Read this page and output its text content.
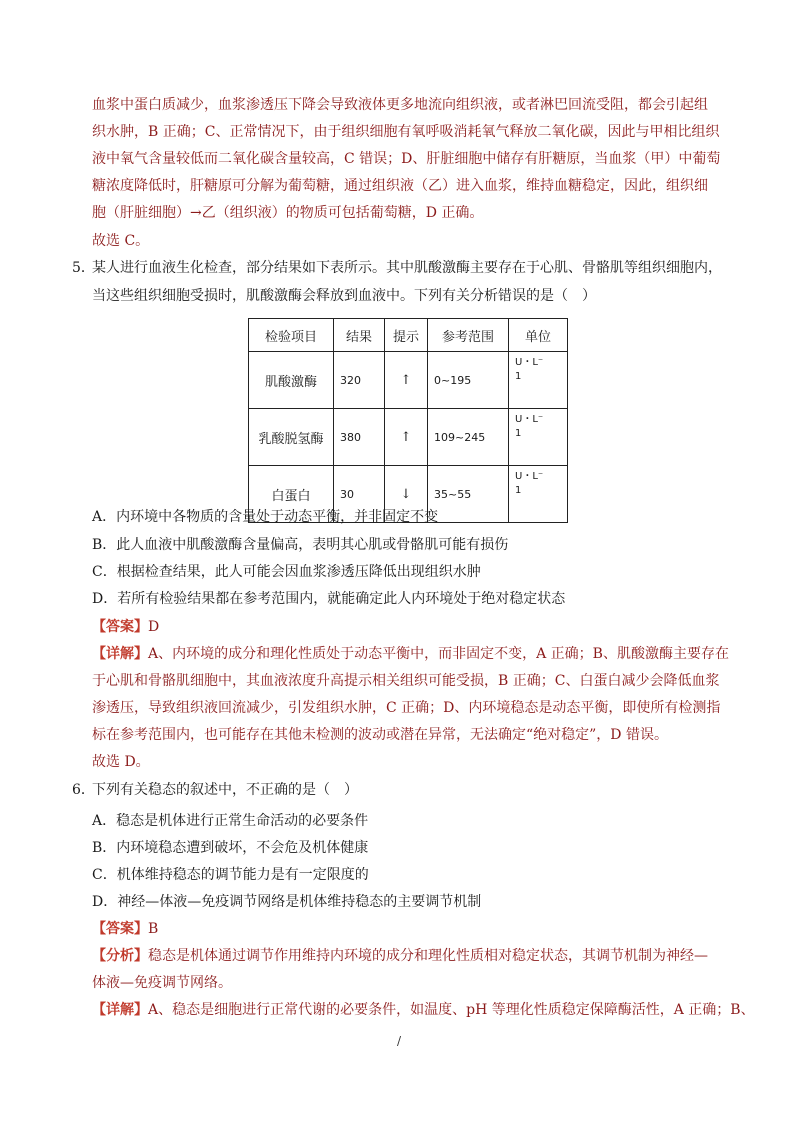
血浆中蛋白质减少，血浆渗透压下降会导致液体更多地流向组织液，或者淋巴回流受阻，都会引起组
织水肿，B 正确；C、正常情况下，由于组织细胞有氧呼吸消耗氧气释放二氧化碳，因此与甲相比组织
液中氧气含量较低而二氧化碳含量较高，C 错误；D、肝脏细胞中储存有肝糖原，当血浆（甲）中葡萄
糖浓度降低时，肝糖原可分解为葡萄糖，通过组织液（乙）进入血浆，维持血糖稳定，因此，组织细
胞（肝脏细胞）→乙（组织液）的物质可包括葡萄糖，D 正确。
故选 C。
5．
某人进行血液生化检查，部分结果如下表所示。其中肌酸激酶主要存在于心肌、骨骼肌等组织细胞内，
当这些组织细胞受损时，肌酸激酶会释放到血液中。下列有关分析错误的是（　）
检验项目	结果	提示	参考范围	单位
肌酸激酶	320	↑	0~195	U・L⁻
1
乳酸脱氢酶	380	↑	109~245	U・L⁻
1
白蛋白	30	↓	35~55	U・L⁻
1
A．内环境中各物质的含量处于动态平衡，并非固定不变
B．此人血液中肌酸激酶含量偏高，表明其心肌或骨骼肌可能有损伤
C．根据检查结果，此人可能会因血浆渗透压降低出现组织水肿
D．若所有检验结果都在参考范围内，就能确定此人内环境处于绝对稳定状态
【答案】D
【详解】A、内环境的成分和理化性质处于动态平衡中，而非固定不变，A 正确；B、肌酸激酶主要存在
于心肌和骨骼肌细胞中，其血液浓度升高提示相关组织可能受损，B 正确；C、白蛋白减少会降低血浆
渗透压，导致组织液回流减少，引发组织水肿，C 正确；D、内环境稳态是动态平衡，即使所有检测指
标在参考范围内，也可能存在其他未检测的波动或潜在异常，无法确定“绝对稳定”，D 错误。
故选 D。
6．
下列有关稳态的叙述中，不正确的是（　）
A．稳态是机体进行正常生命活动的必要条件
B．内环境稳态遭到破坏，不会危及机体健康
C．机体维持稳态的调节能力是有一定限度的
D．神经—体液—免疫调节网络是机体维持稳态的主要调节机制
【答案】B
【分析】稳态是机体通过调节作用维持内环境的成分和理化性质相对稳定状态，其调节机制为神经—
体液—免疫调节网络。
【详解】A、稳态是细胞进行正常代谢的必要条件，如温度、pH 等理化性质稳定保障酶活性，A 正确；B、
/
